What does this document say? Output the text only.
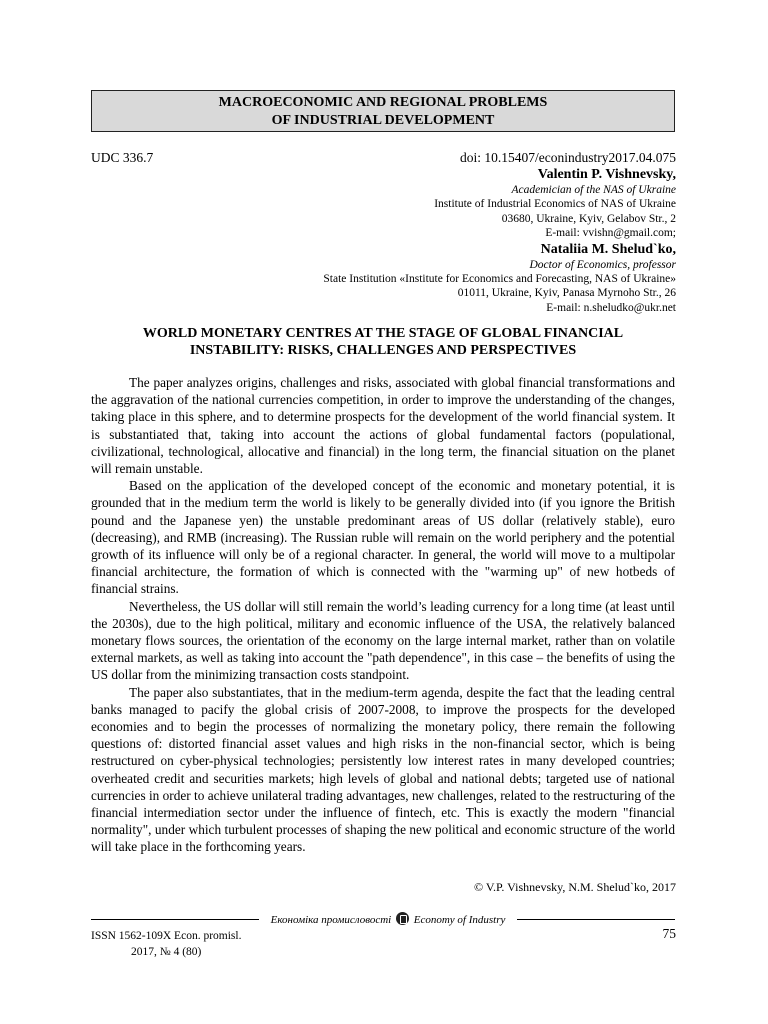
MACROECONOMIC AND REGIONAL PROBLEMS
OF INDUSTRIAL DEVELOPMENT
UDC 336.7	doi: 10.15407/econindustry2017.04.075
Valentin P. Vishnevsky,
Academician of the NAS of Ukraine
Institute of Industrial Economics of NAS of Ukraine
03680, Ukraine, Kyiv, Gelabov Str., 2
E-mail: vvishn@gmail.com;
Nataliia M. Shelud`ko,
Doctor of Economics, professor
State Institution «Institute for Economics and Forecasting, NAS of Ukraine»
01011, Ukraine, Kyiv, Panasa Myrnoho Str., 26
E-mail: n.sheludko@ukr.net
WORLD MONETARY CENTRES AT THE STAGE OF GLOBAL FINANCIAL
INSTABILITY: RISKS, CHALLENGES AND PERSPECTIVES

The paper analyzes origins, challenges and risks, associated with global financial transformations and the aggravation of the national currencies competition, in order to improve the understanding of the changes, taking place in this sphere, and to determine prospects for the development of the world financial system. It is substantiated that, taking into account the actions of global fundamental factors (populational, civilizational, technological, allocative and financial) in the long term, the financial situation on the planet will remain unstable.

Based on the application of the developed concept of the economic and monetary potential, it is grounded that in the medium term the world is likely to be generally divided into (if you ignore the British pound and the Japanese yen) the unstable predominant areas of US dollar (relatively stable), euro (decreasing), and RMB (increasing). The Russian ruble will remain on the world periphery and the potential growth of its influence will only be of a regional character. In general, the world will move to a multipolar financial architecture, the formation of which is connected with the "warming up" of new hotbeds of financial strains.

Nevertheless, the US dollar will still remain the world’s leading currency for a long time (at least until the 2030s), due to the high political, military and economic influence of the USA, the relatively balanced monetary flows sources, the orientation of the economy on the large internal market, rather than on volatile external markets, as well as taking into account the "path dependence", in this case – the benefits of using the US dollar from the minimizing transaction costs standpoint.

The paper also substantiates, that in the medium-term agenda, despite the fact that the leading central banks managed to pacify the global crisis of 2007-2008, to improve the prospects for the developed economies and to begin the processes of normalizing the monetary policy, there remain the following questions of: distorted financial asset values and high risks in the non-financial sector, which is being restructured on cyber-physical technologies; persistently low interest rates in many developed countries; overheated credit and securities markets; high levels of global and national debts; targeted use of national currencies in order to achieve unilateral trading advantages, new challenges, related to the restructuring of the financial intermediation sector under the influence of fintech, etc. This is exactly the modern "financial normality", under which turbulent processes of shaping the new political and economic structure of the world will take place in the forthcoming years.

© V.P. Vishnevsky, N.M. Shelud`ko, 2017
Економіка промисловості Economy of Industry
ISSN 1562-109X Econ. promisl.
2017, № 4 (80)
75
